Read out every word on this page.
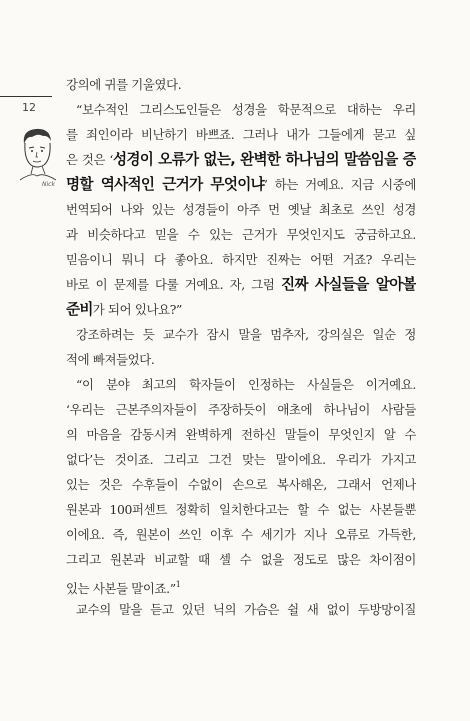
12
Nick
강의에 귀를 기울였다.
“보수적인 그리스도인들은 성경을 학문적으로 대하는 우리
를 죄인이라 비난하기 바쁘죠. 그러나 내가 그들에게 묻고 싶
은 것은 ‘성경이 오류가 없는, 완벽한 하나님의 말씀임을 증
명할 역사적인 근거가 무엇이냐’ 하는 거예요. 지금 시중에
번역되어 나와 있는 성경들이 아주 먼 옛날 최초로 쓰인 성경
과 비슷하다고 믿을 수 있는 근거가 무엇인지도 궁금하고요.
믿음이니 뭐니 다 좋아요. 하지만 진짜는 어떤 거죠? 우리는
바로 이 문제를 다룰 거예요. 자, 그럼 진짜 사실들을 알아볼
준비가 되어 있나요?”
강조하려는 듯 교수가 잠시 말을 멈추자, 강의실은 일순 정
적에 빠져들었다.
“이 분야 최고의 학자들이 인정하는 사실들은 이거예요.
‘우리는 근본주의자들이 주장하듯이 애초에 하나님이 사람들
의 마음을 감동시켜 완벽하게 전하신 말들이 무엇인지 알 수
없다’는 것이죠. 그리고 그건 맞는 말이에요. 우리가 가지고
있는 것은 수후들이 수없이 손으로 복사해온, 그래서 언제나
원본과 100퍼센트 정확히 일치한다고는 할 수 없는 사본들뿐
이에요. 즉, 원본이 쓰인 이후 수 세기가 지나 오류로 가득한,
그리고 원본과 비교할 때 셀 수 없을 정도로 많은 차이점이
있는 사본들 말이죠.”$^1$
교수의 말을 듣고 있던 닉의 가슴은 쉴 새 없이 두방망이질
